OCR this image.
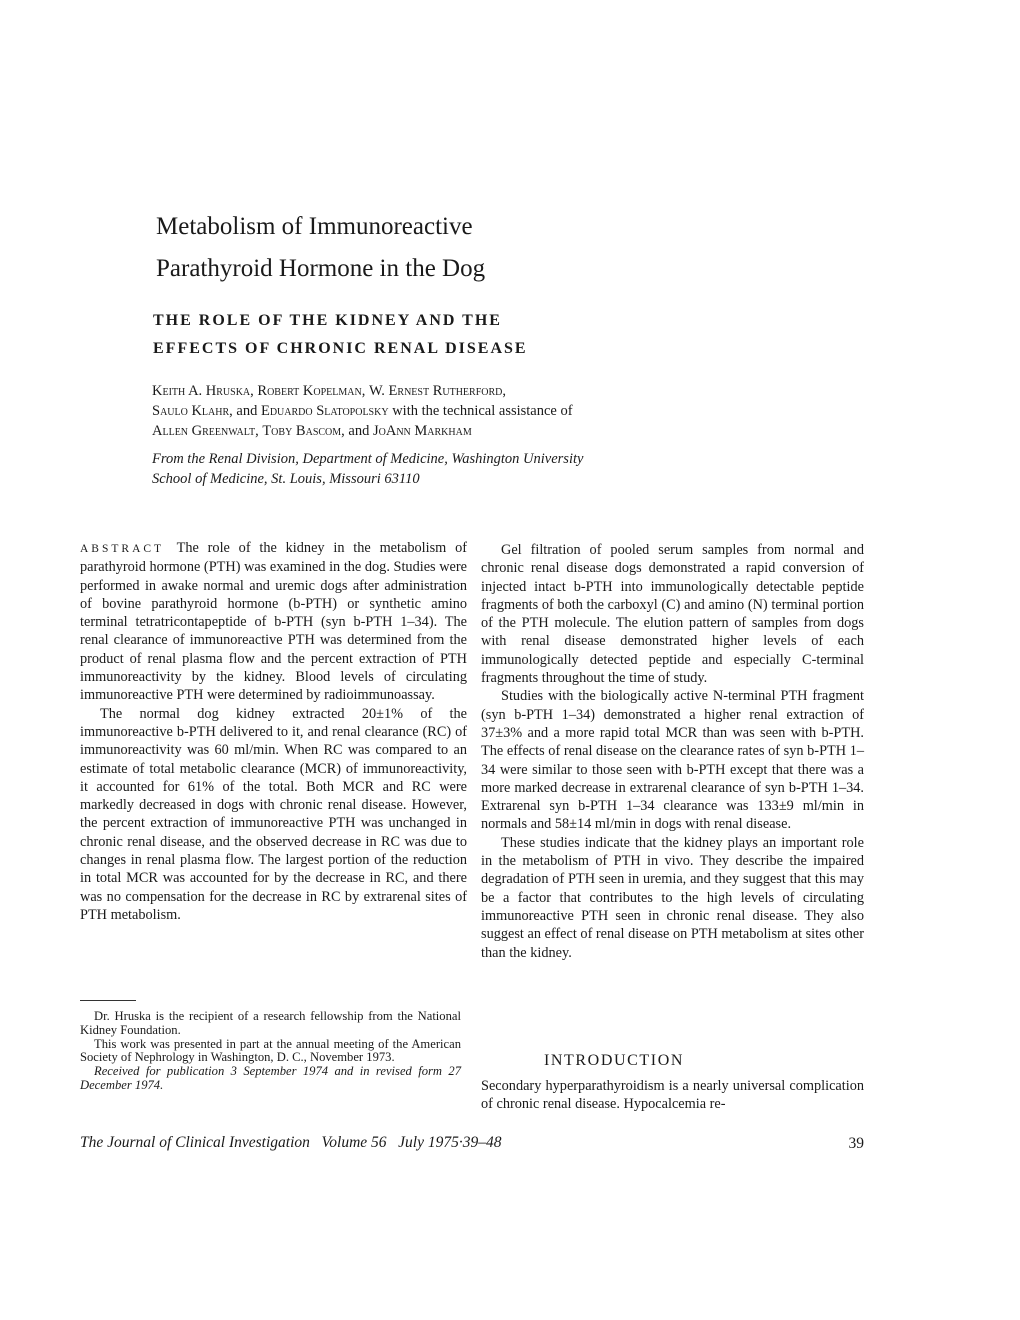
Metabolism of Immunoreactive
Parathyroid Hormone in the Dog
THE ROLE OF THE KIDNEY AND THE
EFFECTS OF CHRONIC RENAL DISEASE
Keith A. Hruska, Robert Kopelman, W. Ernest Rutherford,
Saulo Klahr, and Eduardo Slatopolsky with the technical assistance of
Allen Greenwalt, Toby Bascom, and JoAnn Markham
From the Renal Division, Department of Medicine, Washington University
School of Medicine, St. Louis, Missouri 63110

ABSTRACT The role of the kidney in the metabolism of parathyroid hormone (PTH) was examined in the dog. Studies were performed in awake normal and uremic dogs after administration of bovine parathyroid hormone (b-PTH) or synthetic amino terminal tetratricontapeptide of b-PTH (syn b-PTH 1–34). The renal clearance of immunoreactive PTH was determined from the product of renal plasma flow and the percent extraction of PTH immunoreactivity by the kidney. Blood levels of circulating immunoreactive PTH were determined by radioimmunoassay.

The normal dog kidney extracted 20±1% of the immunoreactive b-PTH delivered to it, and renal clearance (RC) of immunoreactivity was 60 ml/min. When RC was compared to an estimate of total metabolic clearance (MCR) of immunoreactivity, it accounted for 61% of the total. Both MCR and RC were markedly decreased in dogs with chronic renal disease. However, the percent extraction of immunoreactive PTH was unchanged in chronic renal disease, and the observed decrease in RC was due to changes in renal plasma flow. The largest portion of the reduction in total MCR was accounted for by the decrease in RC, and there was no compensation for the decrease in RC by extrarenal sites of PTH metabolism.

Dr. Hruska is the recipient of a research fellowship from the National Kidney Foundation.

This work was presented in part at the annual meeting of the American Society of Nephrology in Washington, D. C., November 1973.

Received for publication 3 September 1974 and in revised form 27 December 1974.

Gel filtration of pooled serum samples from normal and chronic renal disease dogs demonstrated a rapid conversion of injected intact b-PTH into immunologically detectable peptide fragments of both the carboxyl (C) and amino (N) terminal portion of the PTH molecule. The elution pattern of samples from dogs with renal disease demonstrated higher levels of each immunologically detected peptide and especially C-terminal fragments throughout the time of study.

Studies with the biologically active N-terminal PTH fragment (syn b-PTH 1–34) demonstrated a higher renal extraction of 37±3% and a more rapid total MCR than was seen with b-PTH. The effects of renal disease on the clearance rates of syn b-PTH 1–34 were similar to those seen with b-PTH except that there was a more marked decrease in extrarenal clearance of syn b-PTH 1–34. Extrarenal syn b-PTH 1–34 clearance was 133±9 ml/min in normals and 58±14 ml/min in dogs with renal disease.

These studies indicate that the kidney plays an important role in the metabolism of PTH in vivo. They describe the impaired degradation of PTH seen in uremia, and they suggest that this may be a factor that contributes to the high levels of circulating immunoreactive PTH seen in chronic renal disease. They also suggest an effect of renal disease on PTH metabolism at sites other than the kidney.

INTRODUCTION

Secondary hyperparathyroidism is a nearly universal complication of chronic renal disease. Hypocalcemia re-

The Journal of Clinical Investigation   Volume 56   July 1975·39–48	39
